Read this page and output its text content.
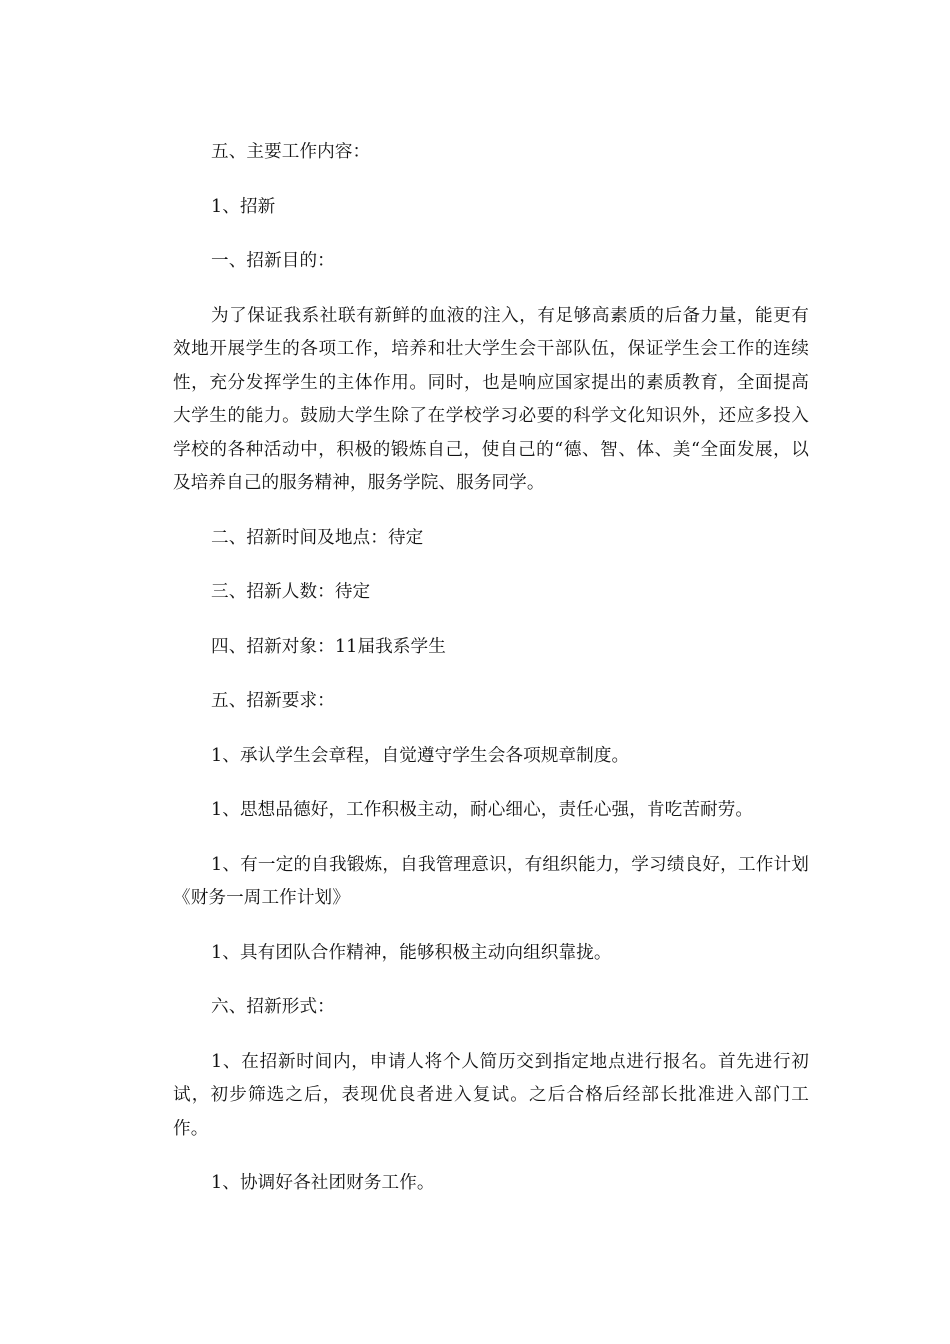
五、主要工作内容：

1、招新

一、招新目的：

为了保证我系社联有新鲜的血液的注入，有足够高素质的后备力量，能更有效地开展学生的各项工作，培养和壮大学生会干部队伍，保证学生会工作的连续性，充分发挥学生的主体作用。同时，也是响应国家提出的素质教育，全面提高大学生的能力。鼓励大学生除了在学校学习必要的科学文化知识外，还应多投入学校的各种活动中，积极的锻炼自己，使自己的“德、智、体、美“全面发展，以及培养自己的服务精神，服务学院、服务同学。

二、招新时间及地点：待定

三、招新人数：待定

四、招新对象：11届我系学生

五、招新要求：

1、承认学生会章程，自觉遵守学生会各项规章制度。

1、思想品德好，工作积极主动，耐心细心，责任心强，肯吃苦耐劳。

1、有一定的自我锻炼，自我管理意识，有组织能力，学习绩良好，工作计划《财务一周工作计划》

1、具有团队合作精神，能够积极主动向组织靠拢。

六、招新形式：

1、在招新时间内，申请人将个人简历交到指定地点进行报名。首先进行初试，初步筛选之后，表现优良者进入复试。之后合格后经部长批准进入部门工作。

1、协调好各社团财务工作。
